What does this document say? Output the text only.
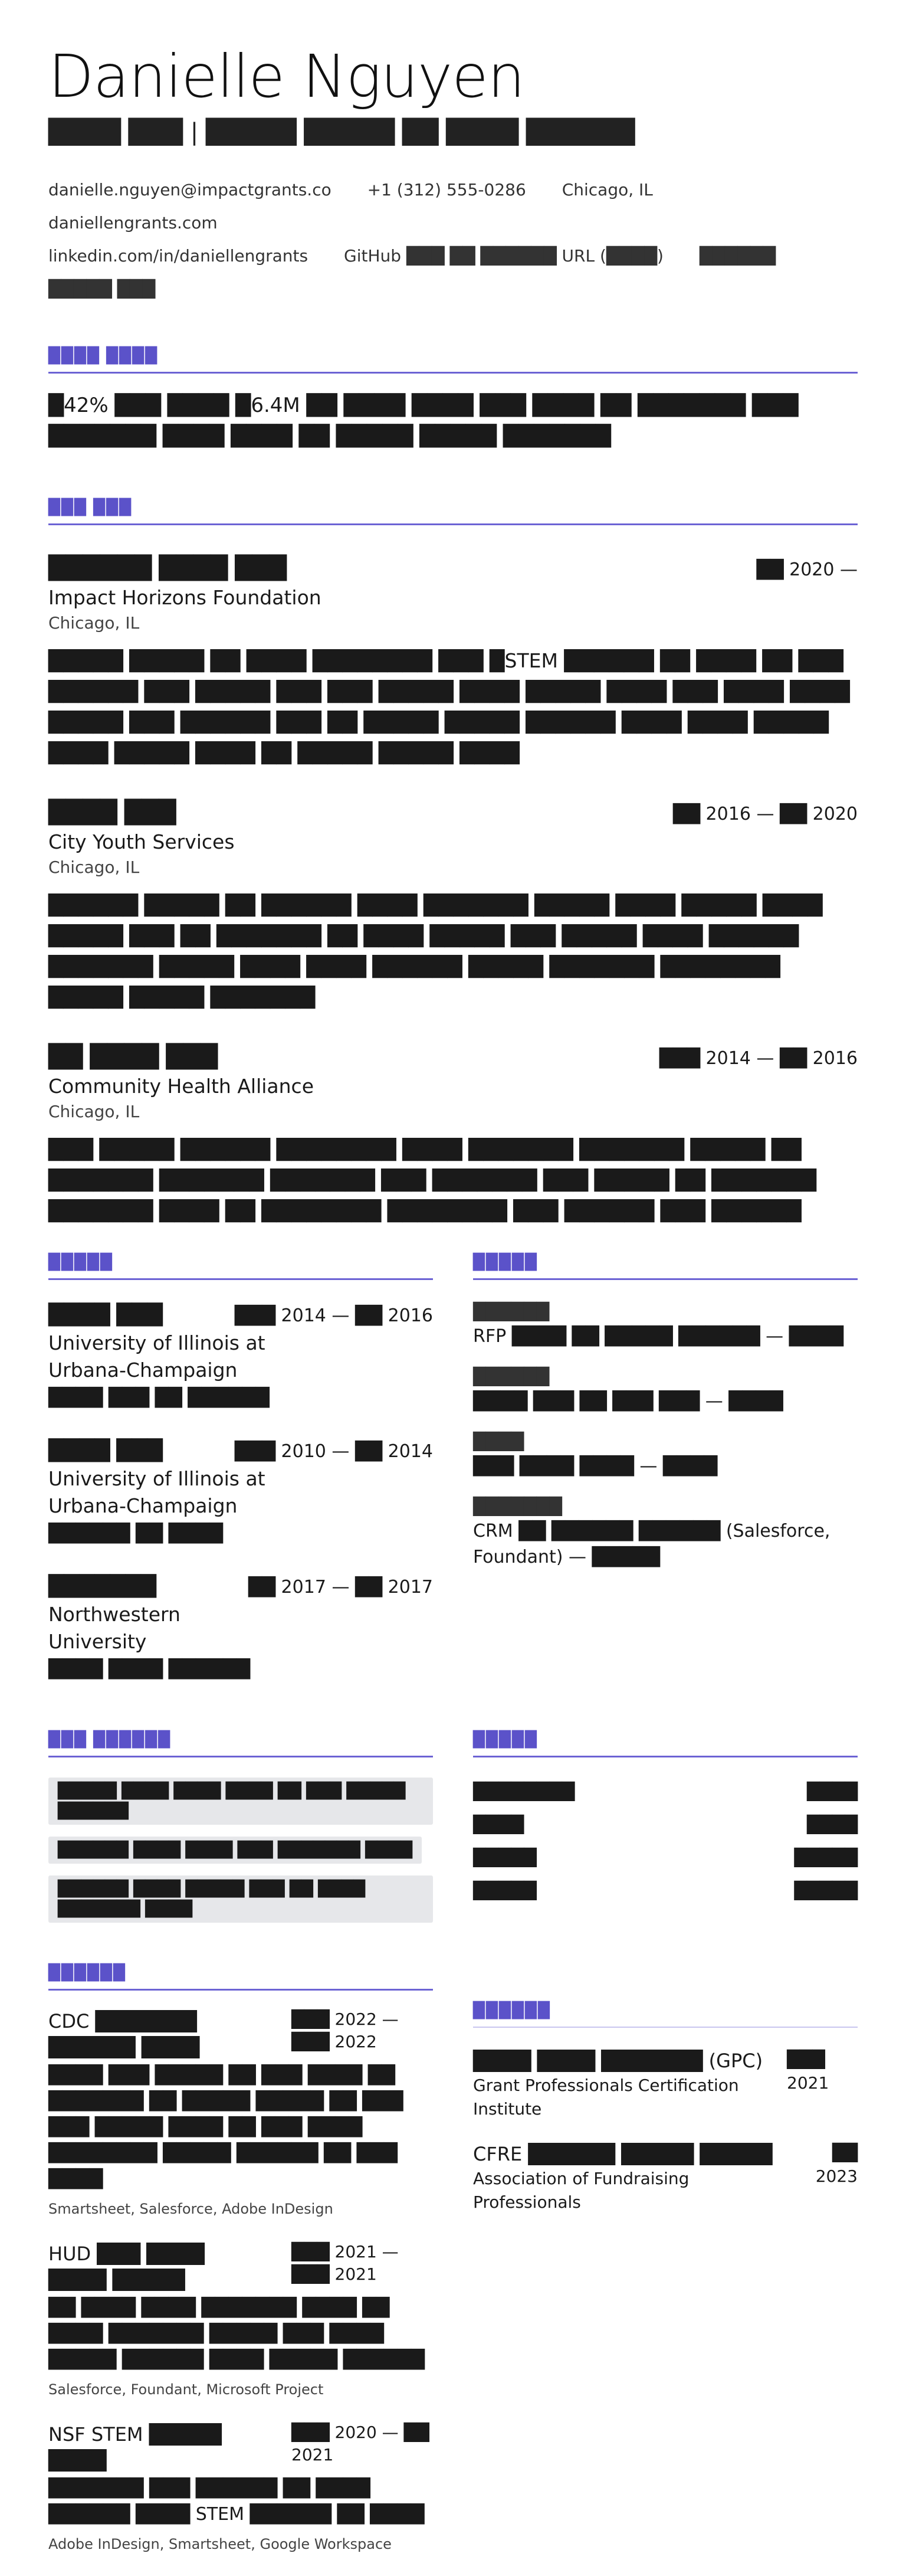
Danielle Nguyen
████ ███ | █████ █████ ██ ████ ██████
danielle.nguyen@impactgrants.co +1 (312) 555-0286 Chicago, IL daniellengrants.com
linkedin.com/in/daniellengrants GitHub ███ ██ ██████ URL (████) ██████ █████ ███
████ ████
█42% ███ ████ █6.4M ██ ████ ████ ███ ████ ██ ███████ ███ ███████ ████ ████ ██ █████ █████ ███████
███ ███
██████ ████ ███	██ 2020 —
Impact Horizons Foundation
Chicago, IL
█████ █████ ██ ████ ████████ ███ █STEM ██████ ██ ████ ██ ███ ██████ ███ █████ ███ ███ █████ ████ █████ ████ ███ ████ ████ █████ ███ ██████ ███ ██ █████ █████ ██████ ████ ████ █████ ████ █████ ████ ██ █████ █████ ████
████ ███	██ 2016 — ██ 2020
City Youth Services
Chicago, IL
██████ █████ ██ ██████ ████ ███████ █████ ████ █████ ████ █████ ███ ██ ███████ ██ ████ █████ ███ █████ ████ ██████ ███████ █████ ████ ████ ██████ █████ ███████ ████████ █████ █████ ███████
██ ████ ███	███ 2014 — ██ 2016
Community Health Alliance
Chicago, IL
███ █████ ██████ ████████ ████ ███████ ███████ █████ ██ ███████ ███████ ███████ ███ ███████ ███ █████ ██ ███████ ███████ ████ ██ ████████ ████████ ███ ██████ ███ ██████
█████
████ ███	███ 2014 — ██ 2016
University of Illinois at Urbana-Champaign
████ ███ ██ ██████
████ ███	███ 2010 — ██ 2014
University of Illinois at Urbana-Champaign
██████ ██ ████
███████	██ 2017 — ██ 2017
Northwestern University
████ ████ ██████
█████
██████
RFP ████ ██ █████ ██████ — ████
██████
████ ███ ██ ███ ███ — ████
████
███ ████ ████ — ████
███████
CRM ██ ██████ ██████ (Salesforce, Foundant) — █████
███ ██████
█████ ████ ████ ████ ██ ███ █████ ██████
██████ ████ ████ ███ ███████ ████
██████ ████ █████ ███ ██ ████ ███████ ████
█████
████████	████
████	████
█████	█████
█████	█████
██████
CDC ███████ ██████ ████
███ 2022 — ███ 2022
████ ███ █████ ██ ███ ████ ██ ███████ ██ █████ █████ ██ ███ ███ █████ ████ ██ ███ ████ ████████ █████ ██████ ██ ███ ████
Smartsheet, Salesforce, Adobe InDesign
HUD ███ ████ ████ █████
███ 2021 — ███ 2021
██ ████ ████ ███████ ████ ██ ████ ███████ █████ ███ ████ █████ ██████ ████ █████ ██████
Salesforce, Foundant, Microsoft Project
NSF STEM █████ ████
███ 2020 — ██ 2021
███████ ███ ██████ ██ ████ ██████ ████ STEM ██████ ██ ████
Adobe InDesign, Smartsheet, Google Workspace
██████
████ ████ ███████ (GPC)
Grant Professionals Certification Institute
███ 2021
CFRE ██████ █████ █████
Association of Fundraising Professionals
██ 2023
